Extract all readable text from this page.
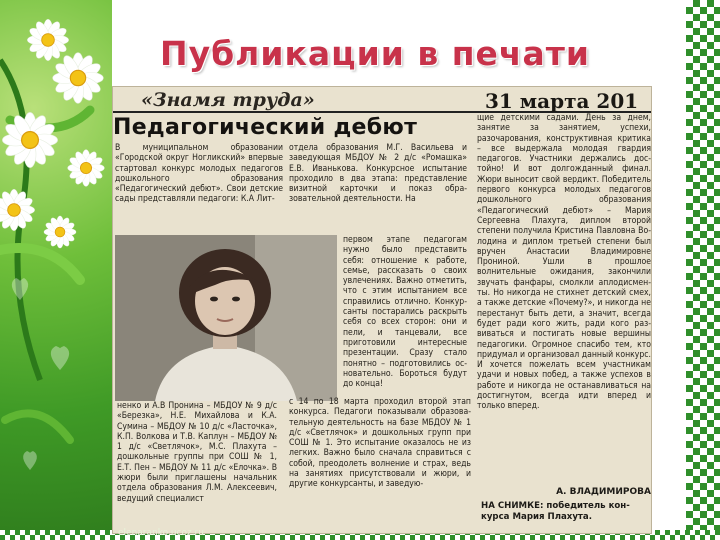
Публикации в печати
«Знамя труда»	31 марта 201
Педагогический дебют

В муниципальном образовании «Городской округ Ногликский» впервые стартовал конкурс молодых педагогов дошкольного образования «Педагогический дебют». Свои детские сады представляли педагоги: К.А Лит-

отдела образования М.Г. Васильева и заведующая МБДОУ № 2 д/с «Ромашка» Е.В. Иванькова. Конкурсное испытание проходило в два этапа: представление визитной карточки и показ образовательной деятельности. На

первом этапе педагогам нужно было представить себя: отношение к работе, семье, рассказать о своих увлечениях. Важно отметить, что с этим испытанием все справились отлично. Конкурсанты постарались раскрыть себя со всех сторон: они и пели, и танцевали, все приготовили интересные презентации. Сразу стало понятно – подготовились основательно. Бороться будут до конца!

ненко и А.В Пронина – МБДОУ № 9 д/с «Березка», Н.Е. Михайлова и К.А. Сумина – МБДОУ № 10 д/с «Ласточка», К.П. Волкова и Т.В. Каплун – МБДОУ № 1 д/с «Светлячок», М.С. Плахута – дошкольные группы при СОШ № 1, Е.Т. Пен – МБДОУ № 11 д/с «Елочка». В жюри были приглашены начальник отдела образования Л.М. Алексеевич, ведущий специалист

с 14 по 18 марта проходил второй этап конкурса. Педагоги показывали образовательную деятельность на базе МБДОУ № 1 д/с «Светлячок» и дошкольных групп при СОШ № 1. Это испытание оказалось не из легких. Важно было сначала справиться с собой, преодолеть волнение и страх, ведь на занятиях присутствовали и жюри, и другие конкурсанты, и заведую-

щие детскими садами. День за днем, занятие за занятием, успехи, разочарования, конструктивная критика – все выдержала молодая гвардия педагогов. Участники держались достойно! И вот долгожданный финал. Жюри выносит свой вердикт. Победитель первого конкурса молодых педагогов дошкольного образования «Педагогический дебют» – Мария Сергеевна Плахута, диплом второй степени получила Кристина Павловна Володина и диплом третьей степени был вручен Анастасии Владимировне Прониной. Ушли в прошлое волнительные ожидания, закончили звучать фанфары, смолкли аплодисменты. Но никогда не стихнет детский смех, а также детские «Почему?», и никогда не перестанут быть дети, а значит, всегда будет ради кого жить, ради кого развиваться и постигать новые вершины педагогики. Огромное спасибо тем, кто придумал и организовал данный конкурс. И хочется пожелать всем участникам удачи и новых побед, а также успехов в работе и никогда не останавливаться на достигнутом, всегда идти вперед и только вперед.

А. ВЛАДИМИРОВА
НА СНИМКЕ: победитель конкурса Мария Плахута.
elenaranko.ucoz.ru
